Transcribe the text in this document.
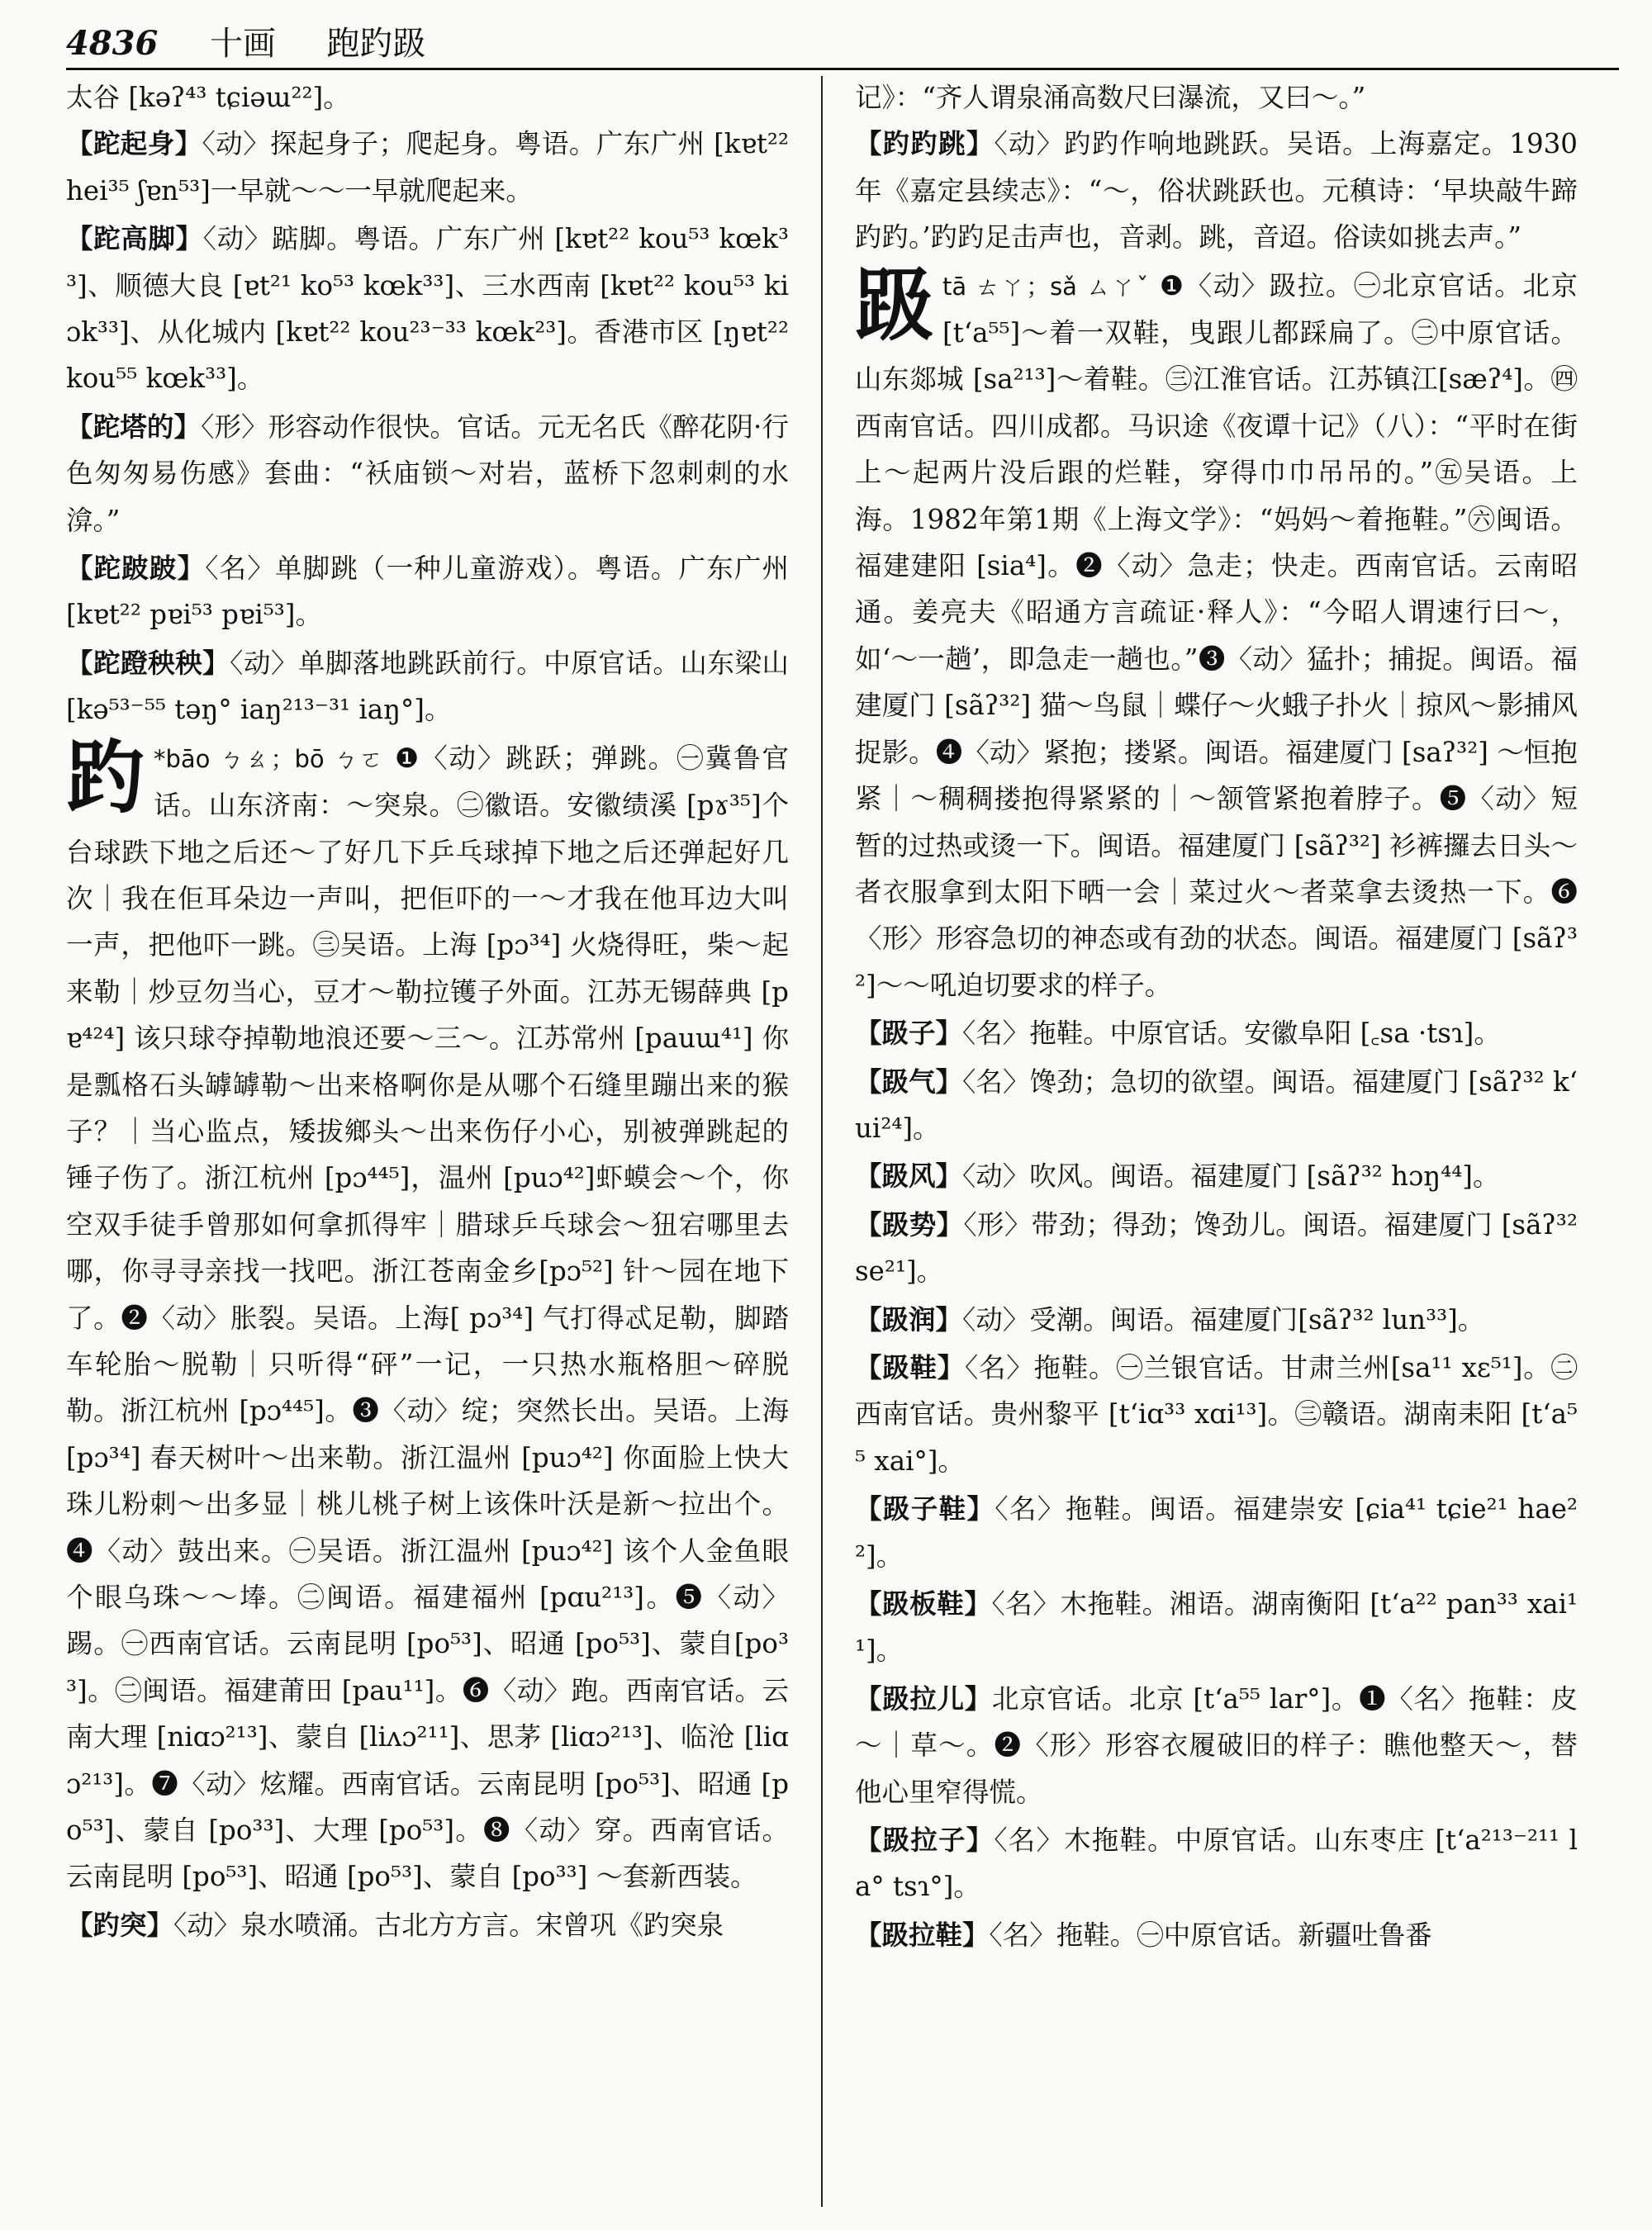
4836 十画 跑趵趿

太谷 [kəʔ⁴³ tɕiəɯ²²]。

【跎起身】〈动〉探起身子；爬起身。粤语。广东广州 [kɐt²² hei³⁵ ʃɐn⁵³]一早就～～一早就爬起来。

【跎高脚】〈动〉踮脚。粤语。广东广州 [kɐt²² kou⁵³ kœk³³]、顺德大良 [ɐt²¹ ko⁵³ kœk³³]、三水西南 [kɐt²² kou⁵³ kiɔk³³]、从化城内 [kɐt²² kou²³⁻³³ kœk²³]。香港市区 [ŋɐt²² kou⁵⁵ kœk³³]。

【跎塔的】〈形〉形容动作很快。官话。元无名氏《醉花阴·行色匆匆易伤感》套曲：“袄庙锁～对岩，蓝桥下忽刺刺的水渰。”

【跎跛跛】〈名〉单脚跳（一种儿童游戏）。粤语。广东广州 [kɐt²² pɐi⁵³ pɐi⁵³]。

【跎蹬秧秧】〈动〉单脚落地跳跃前行。中原官话。山东梁山 [kə⁵³⁻⁵⁵ təŋ° iaŋ²¹³⁻³¹ iaŋ°]。

趵 *bāo ㄅㄠ；bō ㄅㄛ ❶〈动〉跳跃；弹跳。㊀冀鲁官话。山东济南：～突泉。㊁徽语。安徽绩溪 [pɤ³⁵]个台球跌下地之后还～了好几下乒乓球掉下地之后还弹起好几次｜我在佢耳朵边一声叫，把佢吓的一～才我在他耳边大叫一声，把他吓一跳。㊂吴语。上海 [pɔ³⁴] 火烧得旺，柴～起来勒｜炒豆勿当心，豆才～勒拉镬子外面。江苏无锡薛典 [pɐ⁴²⁴] 该只球夺掉勒地浪还要～三～。江苏常州 [pauɯ⁴¹] 你是瓢格石头罅罅勒～出来格啊你是从哪个石缝里蹦出来的猴子？｜当心监点，矮拔鄉头～出来伤仔小心，别被弹跳起的锤子伤了。浙江杭州 [pɔ⁴⁴⁵]，温州 [puɔ⁴²]虾蟆会～个，你空双手徒手曾那如何拿抓得牢｜腊球乒乓球会～狃宕哪里去哪，你寻寻亲找一找吧。浙江苍南金乡[pɔ⁵²] 针～园在地下了。❷〈动〉胀裂。吴语。上海[ pɔ³⁴] 气打得忒足勒，脚踏车轮胎～脱勒｜只听得“砰”一记，一只热水瓶格胆～碎脱勒。浙江杭州 [pɔ⁴⁴⁵]。❸〈动〉绽；突然长出。吴语。上海 [pɔ³⁴] 春天树叶～出来勒。浙江温州 [puɔ⁴²] 你面脸上快大珠儿粉刺～出多显｜桃儿桃子树上该侏叶沃是新～拉出个。❹〈动〉鼓出来。㊀吴语。浙江温州 [puɔ⁴²] 该个人金鱼眼个眼乌珠～～埲。㊁闽语。福建福州 [pɑu²¹³]。❺〈动〉踢。㊀西南官话。云南昆明 [po⁵³]、昭通 [po⁵³]、蒙自[po³³]。㊁闽语。福建莆田 [pau¹¹]。❻〈动〉跑。西南官话。云南大理 [niɑɔ²¹³]、蒙自 [liʌɔ²¹¹]、思茅 [liɑɔ²¹³]、临沧 [liɑɔ²¹³]。❼〈动〉炫耀。西南官话。云南昆明 [po⁵³]、昭通 [po⁵³]、蒙自 [po³³]、大理 [po⁵³]。❽〈动〉穿。西南官话。云南昆明 [po⁵³]、昭通 [po⁵³]、蒙自 [po³³] ～套新西装。

【趵突】〈动〉泉水喷涌。古北方方言。宋曾巩《趵突泉

记》：“齐人谓泉涌高数尺曰瀑流，又曰～。”

【趵趵跳】〈动〉趵趵作响地跳跃。吴语。上海嘉定。1930年《嘉定县续志》：“～，俗状跳跃也。元稹诗：‘早块敲牛蹄趵趵。’趵趵足击声也，音剥。跳，音迢。俗读如挑去声。”

趿 tā ㄊㄚ；sǎ ㄙㄚˇ ❶〈动〉趿拉。㊀北京官话。北京 [tʻa⁵⁵]～着一双鞋，曳跟儿都踩扁了。㊁中原官话。山东郯城 [sa²¹³]～着鞋。㊂江淮官话。江苏镇江[sæʔ⁴]。㊃西南官话。四川成都。马识途《夜谭十记》（八）：“平时在街上～起两片没后跟的烂鞋，穿得巾巾吊吊的。”㊄吴语。上海。1982年第1期《上海文学》：“妈妈～着拖鞋。”㊅闽语。福建建阳 [sia⁴]。❷〈动〉急走；快走。西南官话。云南昭通。姜亮夫《昭通方言疏证·释人》：“今昭人谓速行曰～，如‘～一趟’，即急走一趟也。”❸〈动〉猛扑；捕捉。闽语。福建厦门 [sãʔ³²] 猫～鸟鼠｜蝶仔～火蛾子扑火｜掠风～影捕风捉影。❹〈动〉紧抱；搂紧。闽语。福建厦门 [saʔ³²] ～恒抱紧｜～稠稠搂抱得紧紧的｜～颔管紧抱着脖子。❺〈动〉短暂的过热或烫一下。闽语。福建厦门 [sãʔ³²] 衫裤攞去日头～者衣服拿到太阳下晒一会｜菜过火～者菜拿去烫热一下。❻〈形〉形容急切的神态或有劲的状态。闽语。福建厦门 [sãʔ³²]～～吼迫切要求的样子。

【趿子】〈名〉拖鞋。中原官话。安徽阜阳 [꜀sa ·tsɿ]。

【趿气】〈名〉馋劲；急切的欲望。闽语。福建厦门 [sãʔ³² kʻui²⁴]。

【趿风】〈动〉吹风。闽语。福建厦门 [sãʔ³² hɔŋ⁴⁴]。

【趿势】〈形〉带劲；得劲；馋劲儿。闽语。福建厦门 [sãʔ³² se²¹]。

【趿润】〈动〉受潮。闽语。福建厦门[sãʔ³² lun³³]。

【趿鞋】〈名〉拖鞋。㊀兰银官话。甘肃兰州[sa¹¹ xɛ⁵¹]。㊁西南官话。贵州黎平 [tʻiɑ³³ xɑi¹³]。㊂赣语。湖南耒阳 [tʻa⁵⁵ xai°]。

【趿子鞋】〈名〉拖鞋。闽语。福建崇安 [ɕia⁴¹ tɕie²¹ hae²²]。

【趿板鞋】〈名〉木拖鞋。湘语。湖南衡阳 [tʻa²² pan³³ xai¹¹]。

【趿拉儿】北京官话。北京 [tʻa⁵⁵ lar°]。❶〈名〉拖鞋：皮～｜草～。❷〈形〉形容衣履破旧的样子：瞧他整天～，替他心里窄得慌。

【趿拉子】〈名〉木拖鞋。中原官话。山东枣庄 [tʻa²¹³⁻²¹¹ la° tsɿ°]。

【趿拉鞋】〈名〉拖鞋。㊀中原官话。新疆吐鲁番
